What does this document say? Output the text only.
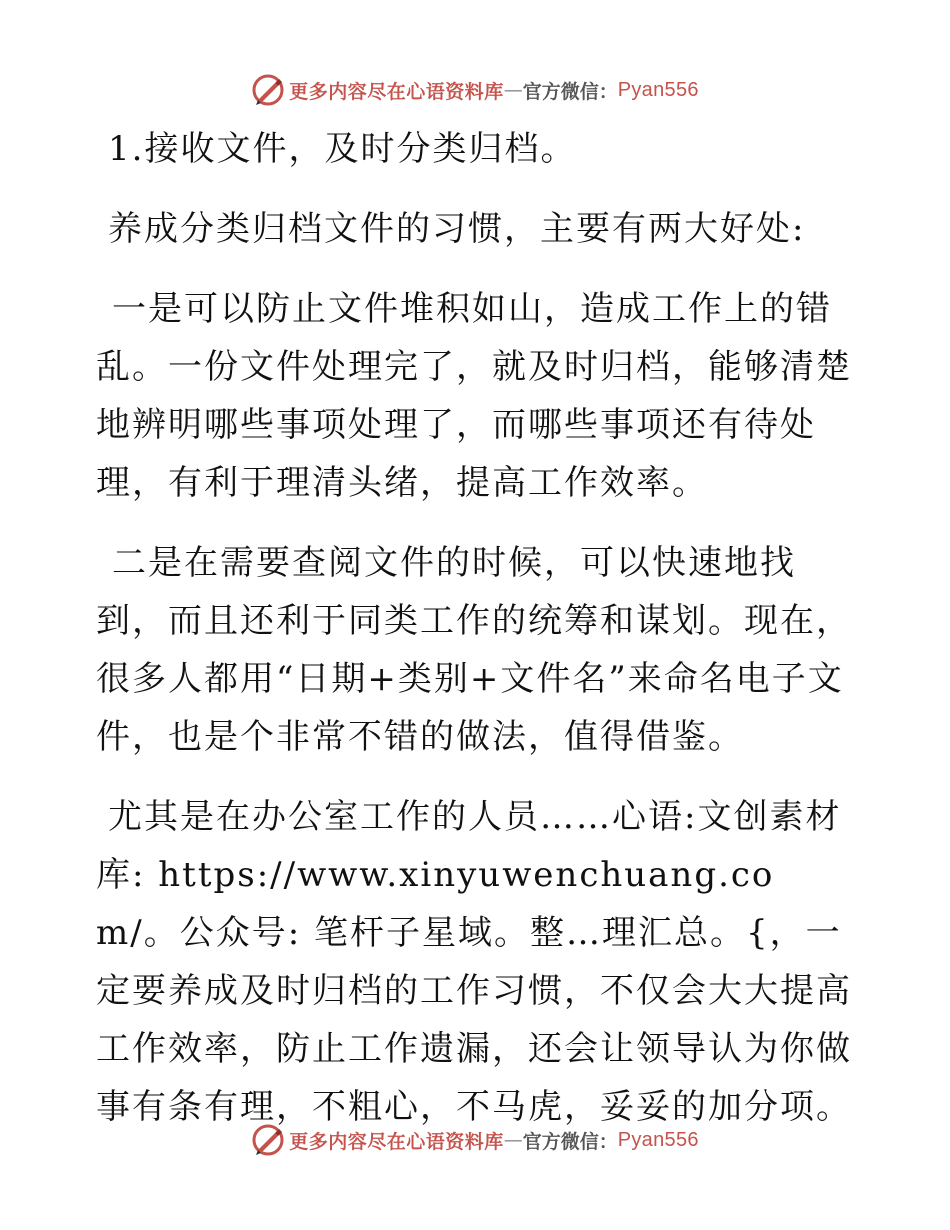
更多内容尽在心语资料库 — 官方微信： Pyan556

1.接收文件，及时分类归档。

养成分类归档文件的习惯，主要有两大好处:

一是可以防止文件堆积如山，造成工作上的错乱。一份文件处理完了，就及时归档，能够清楚地辨明哪些事项处理了，而哪些事项还有待处理，有利于理清头绪，提高工作效率。

二是在需要查阅文件的时候，可以快速地找到，而且还利于同类工作的统筹和谋划。现在，很多人都用“日期+类别+文件名”来命名电子文件，也是个非常不错的做法，值得借鉴。

尤其是在办公室工作的人员……心语:文创素材库: https://www.xinyuwenchuang.com/。公众号: 笔杆子星域。整…理汇总。{，一定要养成及时归档的工作习惯，不仅会大大提高工作效率，防止工作遗漏，还会让领导认为你做事有条有理，不粗心，不马虎，妥妥的加分项。

更多内容尽在心语资料库 — 官方微信： Pyan556
